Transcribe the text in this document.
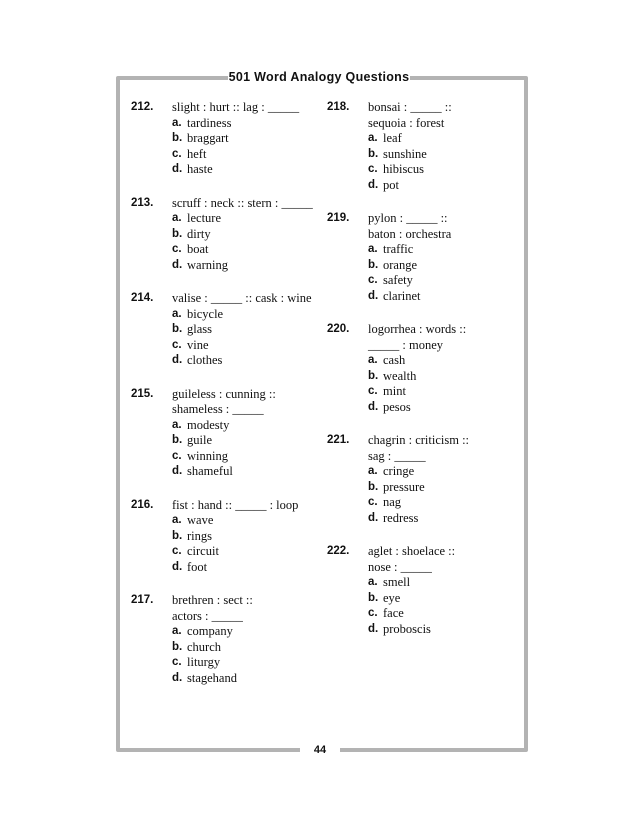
501 Word Analogy Questions
212.	slight : hurt :: lag : _____
a. tardiness
b. braggart
c. heft
d. haste
213.	scruff : neck :: stern : _____
a. lecture
b. dirty
c. boat
d. warning
214.	valise : _____ :: cask : wine
a. bicycle
b. glass
c. vine
d. clothes
215.	guileless : cunning ::
shameless : _____
a. modesty
b. guile
c. winning
d. shameful
216.	fist : hand :: _____ : loop
a. wave
b. rings
c. circuit
d. foot
217.	brethren : sect ::
actors : _____
a. company
b. church
c. liturgy
d. stagehand
218.	bonsai : _____ ::
sequoia : forest
a. leaf
b. sunshine
c. hibiscus
d. pot
219.	pylon : _____ ::
baton : orchestra
a. traffic
b. orange
c. safety
d. clarinet
220.	logorrhea : words ::
_____ : money
a. cash
b. wealth
c. mint
d. pesos
221.	chagrin : criticism ::
sag : _____
a. cringe
b. pressure
c. nag
d. redress
222.	aglet : shoelace ::
nose : _____
a. smell
b. eye
c. face
d. proboscis
44
